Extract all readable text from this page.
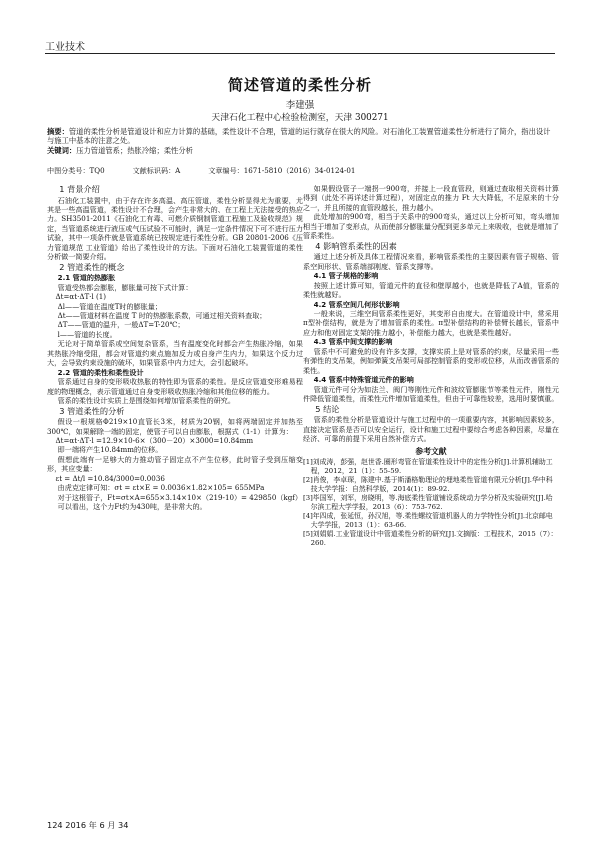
工业技术
简述管道的柔性分析
李建强
天津石化工程中心检验检测室，天津 300271
摘要：管道的柔性分析是管道设计和应力计算的基础，柔性设计不合理，管道的运行就存在很大的风险。对石油化工装置管道柔性分析进行了简介，指出设计与施工中基本的注意之处。
关键词：压力管道管系；热胀冷缩；柔性分析
中图分类号：TQ0	文献标识码：A	文章编号：1671-5810（2016）34-0124-01
1 背景介绍

石油化工装置中，由于存在许多高温、高压管道，柔性分析显得尤为重要，尤其是一些高温管道，柔性设计不合理，会产生非常大的、在工程上无法接受的热应力。SH3501-2011《石油化工有毒、可燃介质钢制管道工程施工及验收规范》规定，当管道系统进行液压或气压试验不可能时，满足一定条件情况下可不进行压力试验，其中一项条件就是管道系统已按规定进行柔性分析。GB 20801-2006《压力管道规范 工业管道》给出了柔性设计的方法。下面对石油化工装置管道的柔性分析做一简要介绍。

2 管道柔性的概念
2.1 管道的热膨胀

管道受热都会膨胀，膨胀量可按下式计算：

Δt=αt·ΔT·l (1)

Δl——管道在温度T时的膨胀量；

Δt——管道材料在温度 T 时的热膨胀系数，可通过相关资料查取；

ΔT——管道的温升，一般ΔT=T-20℃；

l——管道的长度。

无论对于简单管系或空间复杂管系，当有温度变化时都会产生热胀冷缩，如果其热胀冷缩受阻，都会对管道约束点施加反力或自身产生内力，如果这个反力过大，会导致约束设施的破坏，如果管系中内力过大，会引起破坏。

2.2 管道的柔性和柔性设计

管系通过自身的变形吸收热胀的特性即为管系的柔性。是反应管道变形难易程度的物理概念，表示管道通过自身变形吸收热胀冷缩和其他位移的能力。

管系的柔性设计实质上是围绕如何增加管系柔性的研究。

3 管道柔性的分析

假设一根规格Φ219×10直管长3米，材质为20钢，如将两端固定并加热至 300℃，如果解除一端的固定，使管子可以自由膨胀，根据式（1-1）计算为：

Δt=αt·ΔT·l =12.9×10-6×（300－20）×3000=10.84mm

即一端将产生10.84mm的位移。

假想此端有一足够大的力推动管子固定点不产生位移，此时管子受到压缩变形，其应变量：

εt = Δt/l =10.84/3000=0.0036

由虎克定律可知：σt = εt×E = 0.0036×1.82×105= 655MPa

对于这根管子，Ft=σt×A=655×3.14×10×（219-10）= 429850（kgf）

可以看出，这个力Ft约为430吨，是非常大的。

如果假设管子一端拐一900弯，并接上一段直管段，则通过查取相关资料计算得到（此处不再详述计算过程），对固定点的推力 Ft 大大降低，不足原来的十分之一，并且所接的直管段越长，推力越小。

此处增加的900弯，相当于关系中的900弯头，通过以上分析可知，弯头增加相当于增加了变形点，从而使部分膨胀量分配到更多单元上来吸收，也就是增加了管系柔性。

4 影响管系柔性的因素

通过上述分析及具体工程情况来看，影响管系柔性的主要因素有管子规格、管系空间形状、管系端部刚度、管系支撑等。

4.1 管子规格的影响

按照上述计算可知，管道元件的直径和壁厚越小，也就是降低了A值，管系的柔性就越好。

4.2 管系空间几何形状影响

一般来说，三维空间管系柔性更好，其变形自由度大。在管道设计中，常采用π型补偿结构，就是为了增加管系的柔性。π型补偿结构的补偿臂长越长，管系中应力和他对固定支架的推力越小，补偿能力越大，也就是柔性越好。

4.3 管系中间支撑的影响

管系中不可避免的设有许多支撑，支撑实质上是对管系的约束，尽量采用一些有弹性的支吊架，例如弹簧支吊架可局部控制管系的变形或位移，从而改善管系的柔性。

4.4 管系中特殊管道元件的影响

管道元件可分为如法兰、阀门等刚性元件和波纹管膨胀节等柔性元件，刚性元件降低管道柔性，而柔性元件增加管道柔性，但由于可靠性较差，选用时要慎重。

5 结论

管系的柔性分析是管道设计与施工过程中的一项重要内容，其影响因素较多，直接决定管系是否可以安全运行，设计和施工过程中要综合考虑各种因素，尽量在经济、可靠的前提下采用自然补偿方式。

参考文献
[1]刘成涛，彭强，赵世香.圈形弯管在管道柔性设计中的定性分析[J].计算机辅助工程，2012，21（1）：55-59.
[2]肖俊，李卓琛，陈建中.基于斯潘格勒理论的埋地柔性管道有限元分析[J].华中科技大学学报：自然科学版，2014(1)：89-92.
[3]毕国军，刘军，房晓明，等.海底柔性管道铺设系统动力学分析及实验研究[J].哈尔滨工程大学学报，2013（6）：753-762.
[4]年四成，张延恒，孙汉旭，等.柔性螺纹管道机器人的力学特性分析[J].北京邮电大学学报，2013（1）：63-66.
[5]刘娟娟.工业管道设计中管道柔性分析的研究[J].文摘版：工程技术，2015（7）：260.
124 2016 年 6 月 34
